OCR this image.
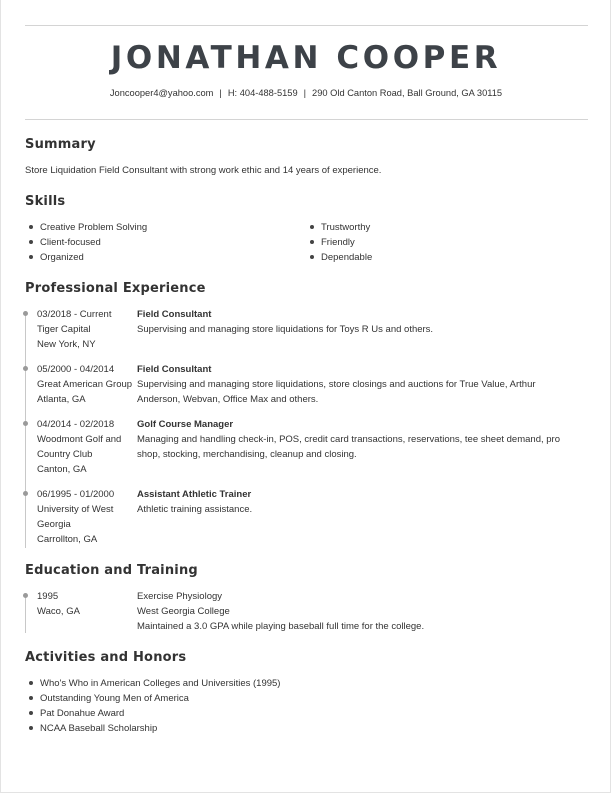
JONATHAN COOPER
Joncooper4@yahoo.com | H: 404-488-5159 | 290 Old Canton Road, Ball Ground, GA 30115
Summary
Store Liquidation Field Consultant with strong work ethic and 14 years of experience.
Skills
Creative Problem Solving
Client-focused
Organized
Trustworthy
Friendly
Dependable
Professional Experience
03/2018 - Current
Tiger Capital
New York, NY
Field Consultant
Supervising and managing store liquidations for Toys R Us and others.
05/2000 - 04/2014
Great American Group
Atlanta, GA
Field Consultant
Supervising and managing store liquidations, store closings and auctions for True Value, Arthur
Anderson, Webvan, Office Max and others.
04/2014 - 02/2018
Woodmont Golf and
Country Club
Canton, GA
Golf Course Manager
Managing and handling check-in, POS, credit card transactions, reservations, tee sheet demand, pro
shop, stocking, merchandising, cleanup and closing.
06/1995 - 01/2000
University of West
Georgia
Carrollton, GA
Assistant Athletic Trainer
Athletic training assistance.
Education and Training
1995
Waco, GA
Exercise Physiology
West Georgia College
Maintained a 3.0 GPA while playing baseball full time for the college.
Activities and Honors
Who's Who in American Colleges and Universities (1995)
Outstanding Young Men of America
Pat Donahue Award
NCAA Baseball Scholarship
